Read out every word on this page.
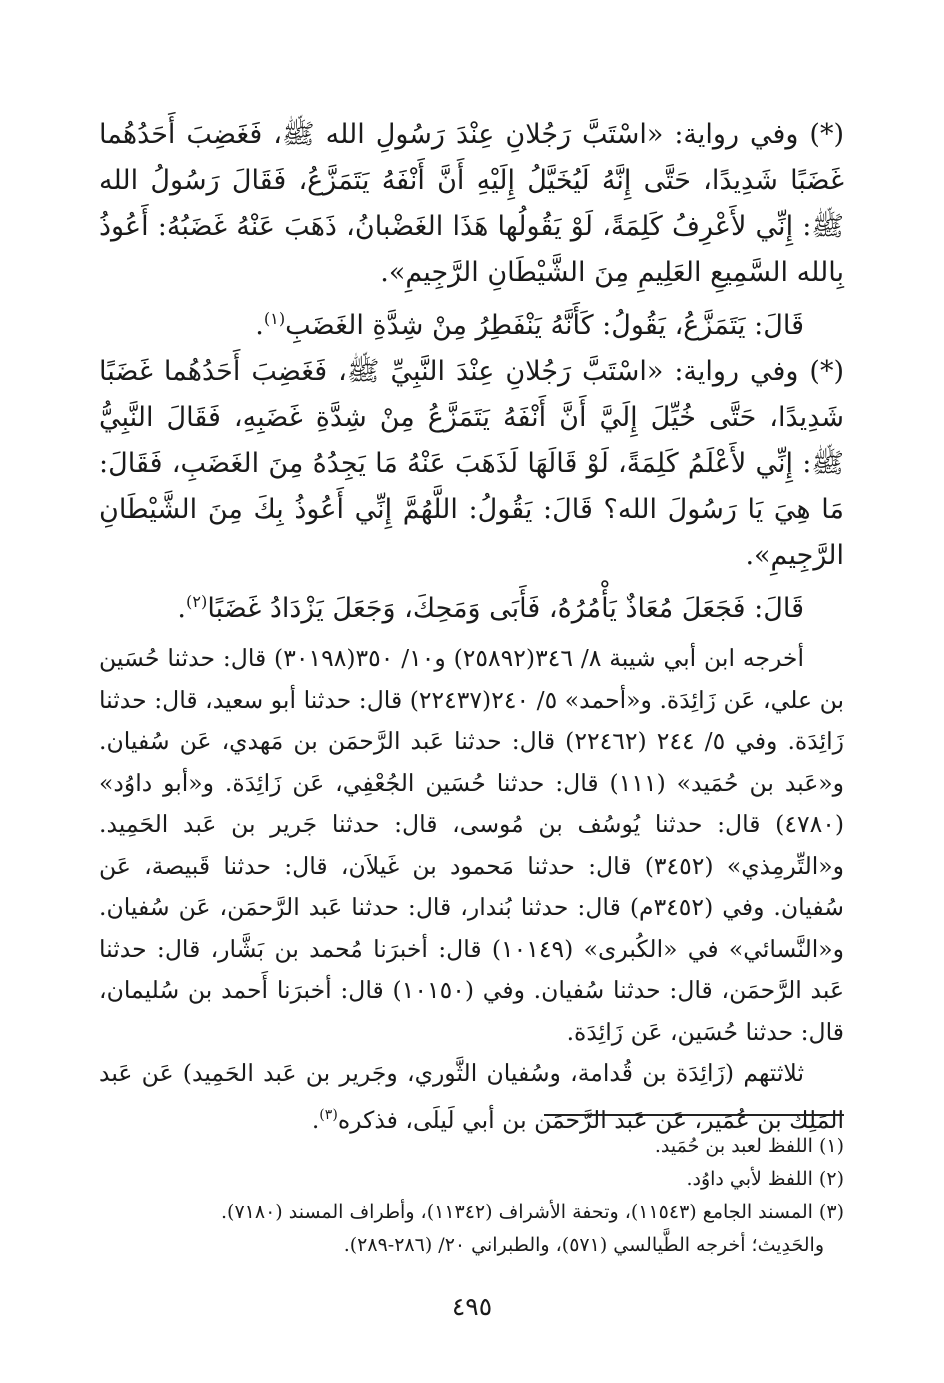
(*) وفي رواية: «اسْتَبَّ رَجُلانِ عِنْدَ رَسُولِ الله ﷺ، فَغَضِبَ أَحَدُهُما غَضَبًا شَدِيدًا، حَتَّى إِنَّهُ لَيُخَيَّلُ إِلَيْهِ أَنَّ أَنْفَهُ يَتَمَزَّعُ، فَقَالَ رَسُولُ الله ﷺ: إِنِّي لأَعْرِفُ كَلِمَةً، لَوْ يَقُولُها هَذَا الغَضْبانُ، ذَهَبَ عَنْهُ غَضَبُهُ: أَعُوذُ بِالله السَّمِيعِ العَلِيمِ مِنَ الشَّيْطَانِ الرَّجِيمِ».

قَالَ: يَتَمَزَّعُ، يَقُولُ: كَأَنَّهُ يَنْفَطِرُ مِنْ شِدَّةِ الغَضَبِ$^{(١)}$.

(*) وفي رواية: «اسْتَبَّ رَجُلانِ عِنْدَ النَّبِيِّ ﷺ، فَغَضِبَ أَحَدُهُما غَضَبًا شَدِيدًا، حَتَّى خُيِّلَ إِلَيَّ أَنَّ أَنْفَهُ يَتَمَزَّعُ مِنْ شِدَّةِ غَضَبِهِ، فَقَالَ النَّبِيُّ ﷺ: إِنِّي لأَعْلَمُ كَلِمَةً، لَوْ قَالَهَا لَذَهَبَ عَنْهُ مَا يَجِدُهُ مِنَ الغَضَبِ، فَقَالَ: مَا هِيَ يَا رَسُولَ الله؟ قَالَ: يَقُولُ: اللَّهُمَّ إِنِّي أَعُوذُ بِكَ مِنَ الشَّيْطَانِ الرَّجِيمِ».

قَالَ: فَجَعَلَ مُعَاذٌ يَأْمُرُهُ، فَأَبَى وَمَحِكَ، وَجَعَلَ يَزْدَادُ غَضَبًا$^{(٢)}$.

أخرجه ابن أبي شيبة ٨/ ٣٤٦(٢٥٨٩٢) و١٠/ ٣٥٠(٣٠١٩٨) قال: حدثنا حُسَين بن علي، عَن زَائِدَة. و«أحمد» ٥/ ٢٤٠(٢٢٤٣٧) قال: حدثنا أبو سعيد، قال: حدثنا زَائِدَة. وفي ٥/ ٢٤٤ (٢٢٤٦٢) قال: حدثنا عَبد الرَّحمَن بن مَهدي، عَن سُفيان. و«عَبد بن حُمَيد» (١١١) قال: حدثنا حُسَين الجُعْفِي، عَن زَائِدَة. و«أبو داوُد» (٤٧٨٠) قال: حدثنا يُوسُف بن مُوسى، قال: حدثنا جَرير بن عَبد الحَمِيد. و«التِّرمِذي» (٣٤٥٢) قال: حدثنا مَحمود بن غَيلاَن، قال: حدثنا قَبيصة، عَن سُفيان. وفي (٣٤٥٢م) قال: حدثنا بُندار، قال: حدثنا عَبد الرَّحمَن، عَن سُفيان. و«النَّسائي» في «الكُبرى» (١٠١٤٩) قال: أخبرَنا مُحمد بن بَشَّار، قال: حدثنا عَبد الرَّحمَن، قال: حدثنا سُفيان. وفي (١٠١٥٠) قال: أخبرَنا أَحمد بن سُليمان، قال: حدثنا حُسَين، عَن زَائِدَة.

ثلاثتهم (زَائِدَة بن قُدامة، وسُفيان الثَّوري، وجَرير بن عَبد الحَمِيد) عَن عَبد المَلِك بن عُمَير، عَن عَبد الرَّحمَن بن أبي لَيلَى، فذكره$^{(٣)}$.

(١) اللفظ لعبد بن حُمَيد.

(٢) اللفظ لأبي داوُد.

(٣) المسند الجامع (١١٥٤٣)، وتحفة الأشراف (١١٣٤٢)، وأطراف المسند (٧١٨٠).

والحَدِيث؛ أخرجه الطَّيالسي (٥٧١)، والطبراني ٢٠/ (٢٨٦-٢٨٩).

٤٩٥
